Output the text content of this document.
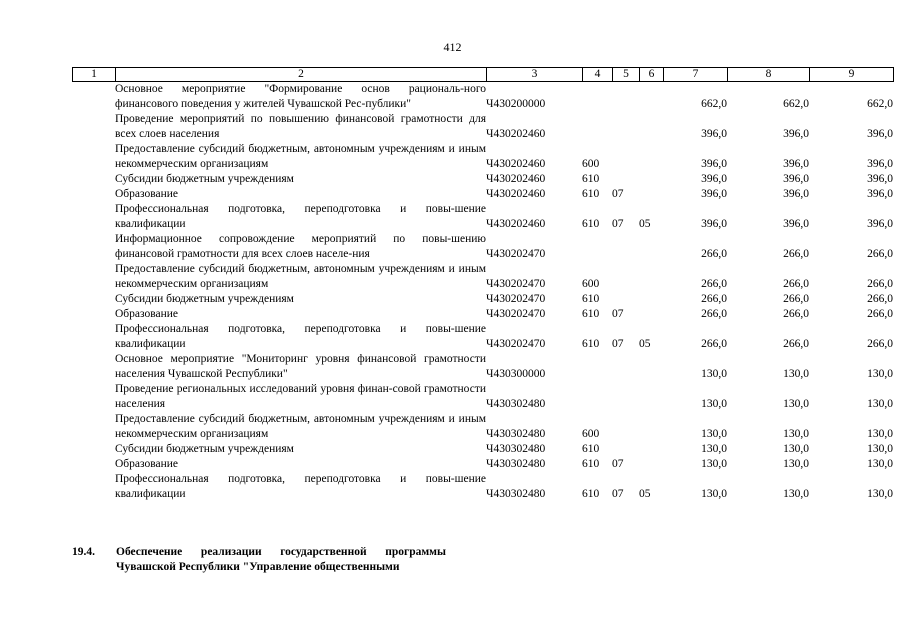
412
1	2	3	4	5	6	7	8	9
	Основное мероприятие "Формирование основ рациональ-ного финансового поведения у жителей Чувашской Рес-публики"	Ч430200000				662,0	662,0	662,0
	Проведение мероприятий по повышению финансовой грамотности для всех слоев населения	Ч430202460				396,0	396,0	396,0
	Предоставление субсидий бюджетным, автономным учреждениям и иным некоммерческим организациям	Ч430202460	600			396,0	396,0	396,0
	Субсидии бюджетным учреждениям	Ч430202460	610			396,0	396,0	396,0
	Образование	Ч430202460	610	07		396,0	396,0	396,0
	Профессиональная подготовка, переподготовка и повы-шение квалификации	Ч430202460	610	07	05	396,0	396,0	396,0
	Информационное сопровождение мероприятий по повы-шению финансовой грамотности для всех слоев населе-ния	Ч430202470				266,0	266,0	266,0
	Предоставление субсидий бюджетным, автономным учреждениям и иным некоммерческим организациям	Ч430202470	600			266,0	266,0	266,0
	Субсидии бюджетным учреждениям	Ч430202470	610			266,0	266,0	266,0
	Образование	Ч430202470	610	07		266,0	266,0	266,0
	Профессиональная подготовка, переподготовка и повы-шение квалификации	Ч430202470	610	07	05	266,0	266,0	266,0
	Основное мероприятие "Мониторинг уровня финансовой грамотности населения Чувашской Республики"	Ч430300000				130,0	130,0	130,0
	Проведение региональных исследований уровня финан-совой грамотности населения	Ч430302480				130,0	130,0	130,0
	Предоставление субсидий бюджетным, автономным учреждениям и иным некоммерческим организациям	Ч430302480	600			130,0	130,0	130,0
	Субсидии бюджетным учреждениям	Ч430302480	610			130,0	130,0	130,0
	Образование	Ч430302480	610	07		130,0	130,0	130,0
	Профессиональная подготовка, переподготовка и повы-шение квалификации	Ч430302480	610	07	05	130,0	130,0	130,0
19.4. Обеспечение реализации государственной программы Чувашской Республики "Управление общественными
